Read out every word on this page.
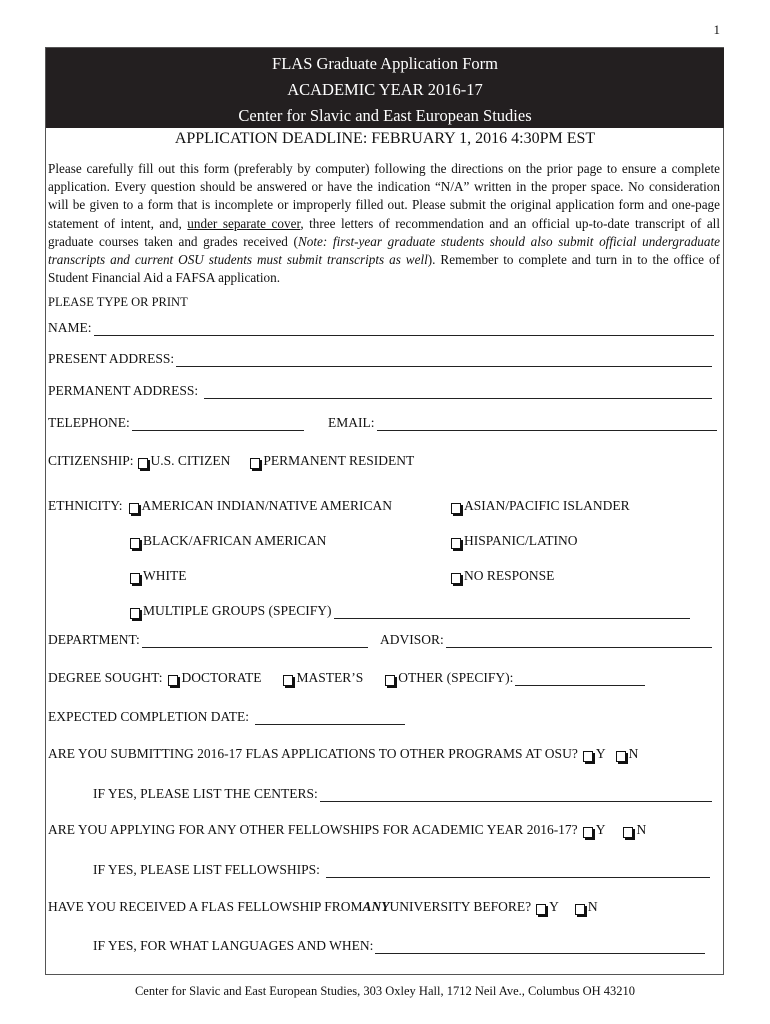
1
FLAS Graduate Application Form
ACADEMIC YEAR 2016-17
Center for Slavic and East European Studies
APPLICATION DEADLINE: FEBRUARY 1, 2016 4:30PM EST
Please carefully fill out this form (preferably by computer) following the directions on the prior page to ensure a complete application. Every question should be answered or have the indication “N/A” written in the proper space. No consideration will be given to a form that is incomplete or improperly filled out. Please submit the original application form and one-page statement of intent, and, under separate cover, three letters of recommendation and an official up-to-date transcript of all graduate courses taken and grades received (Note: first-year graduate students should also submit official undergraduate transcripts and current OSU students must submit transcripts as well). Remember to complete and turn in to the office of Student Financial Aid a FAFSA application.
PLEASE TYPE OR PRINT
NAME:
PRESENT ADDRESS:
PERMANENT ADDRESS:
TELEPHONE:	EMAIL:
CITIZENSHIP: U.S. CITIZEN PERMANENT RESIDENT
ETHNICITY: AMERICAN INDIAN/NATIVE AMERICAN	ASIAN/PACIFIC ISLANDER
BLACK/AFRICAN AMERICAN	HISPANIC/LATINO
WHITE	NO RESPONSE
MULTIPLE GROUPS (SPECIFY)
DEPARTMENT:	ADVISOR:
DEGREE SOUGHT: DOCTORATE	MASTER’S	OTHER (SPECIFY):
EXPECTED COMPLETION DATE:
ARE YOU SUBMITTING 2016-17 FLAS APPLICATIONS TO OTHER PROGRAMS AT OSU? Y N
IF YES, PLEASE LIST THE CENTERS:
ARE YOU APPLYING FOR ANY OTHER FELLOWSHIPS FOR ACADEMIC YEAR 2016-17? Y N
IF YES, PLEASE LIST FELLOWSHIPS:
HAVE YOU RECEIVED A FLAS FELLOWSHIP FROM ANY UNIVERSITY BEFORE? Y N
IF YES, FOR WHAT LANGUAGES AND WHEN:
Center for Slavic and East European Studies, 303 Oxley Hall, 1712 Neil Ave., Columbus OH 43210
